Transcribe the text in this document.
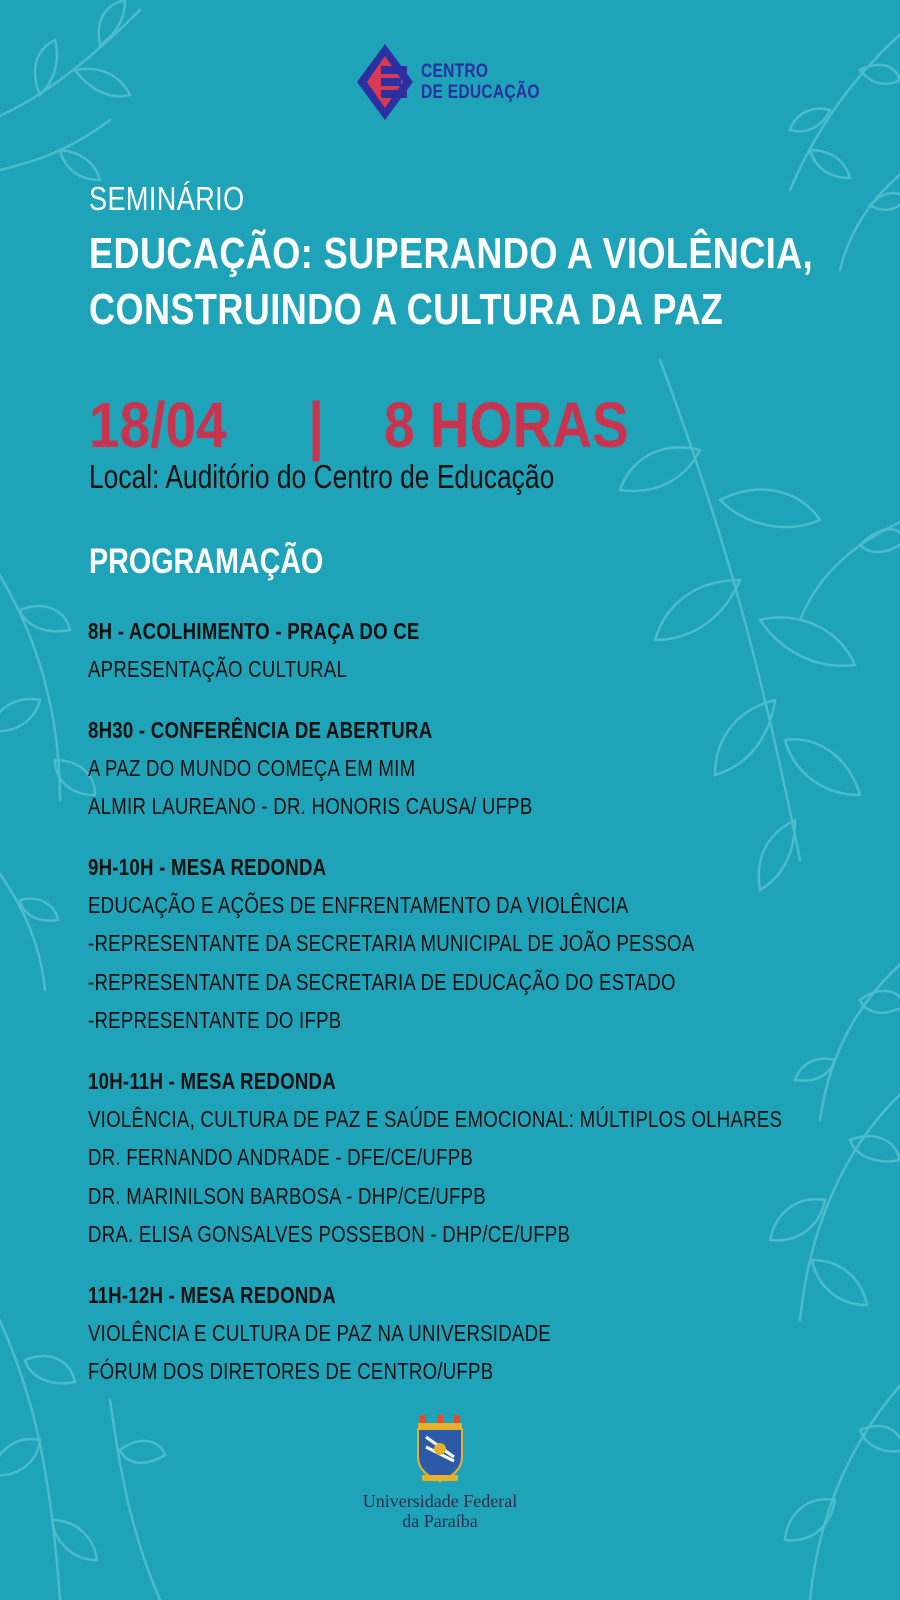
CENTRO
DE EDUCAÇÃO
SEMINÁRIO
EDUCAÇÃO: SUPERANDO A VIOLÊNCIA,
CONSTRUINDO A CULTURA DA PAZ
18/04 | 8 HORAS
Local: Auditório do Centro de Educação
PROGRAMAÇÃO
8H - ACOLHIMENTO - PRAÇA DO CE
APRESENTAÇÃO CULTURAL
8H30 - CONFERÊNCIA DE ABERTURA
A PAZ DO MUNDO COMEÇA EM MIM
ALMIR LAUREANO - DR. HONORIS CAUSA/ UFPB
9H-10H - MESA REDONDA
EDUCAÇÃO E AÇÕES DE ENFRENTAMENTO DA VIOLÊNCIA
-REPRESENTANTE DA SECRETARIA MUNICIPAL DE JOÃO PESSOA
-REPRESENTANTE DA SECRETARIA DE EDUCAÇÃO DO ESTADO
-REPRESENTANTE DO IFPB
10H-11H - MESA REDONDA
VIOLÊNCIA, CULTURA DE PAZ E SAÚDE EMOCIONAL: MÚLTIPLOS OLHARES
DR. FERNANDO ANDRADE - DFE/CE/UFPB
DR. MARINILSON BARBOSA - DHP/CE/UFPB
DRA. ELISA GONSALVES POSSEBON - DHP/CE/UFPB
11H-12H - MESA REDONDA
VIOLÊNCIA E CULTURA DE PAZ NA UNIVERSIDADE
FÓRUM DOS DIRETORES DE CENTRO/UFPB
Universidade Federal
da Paraíba
